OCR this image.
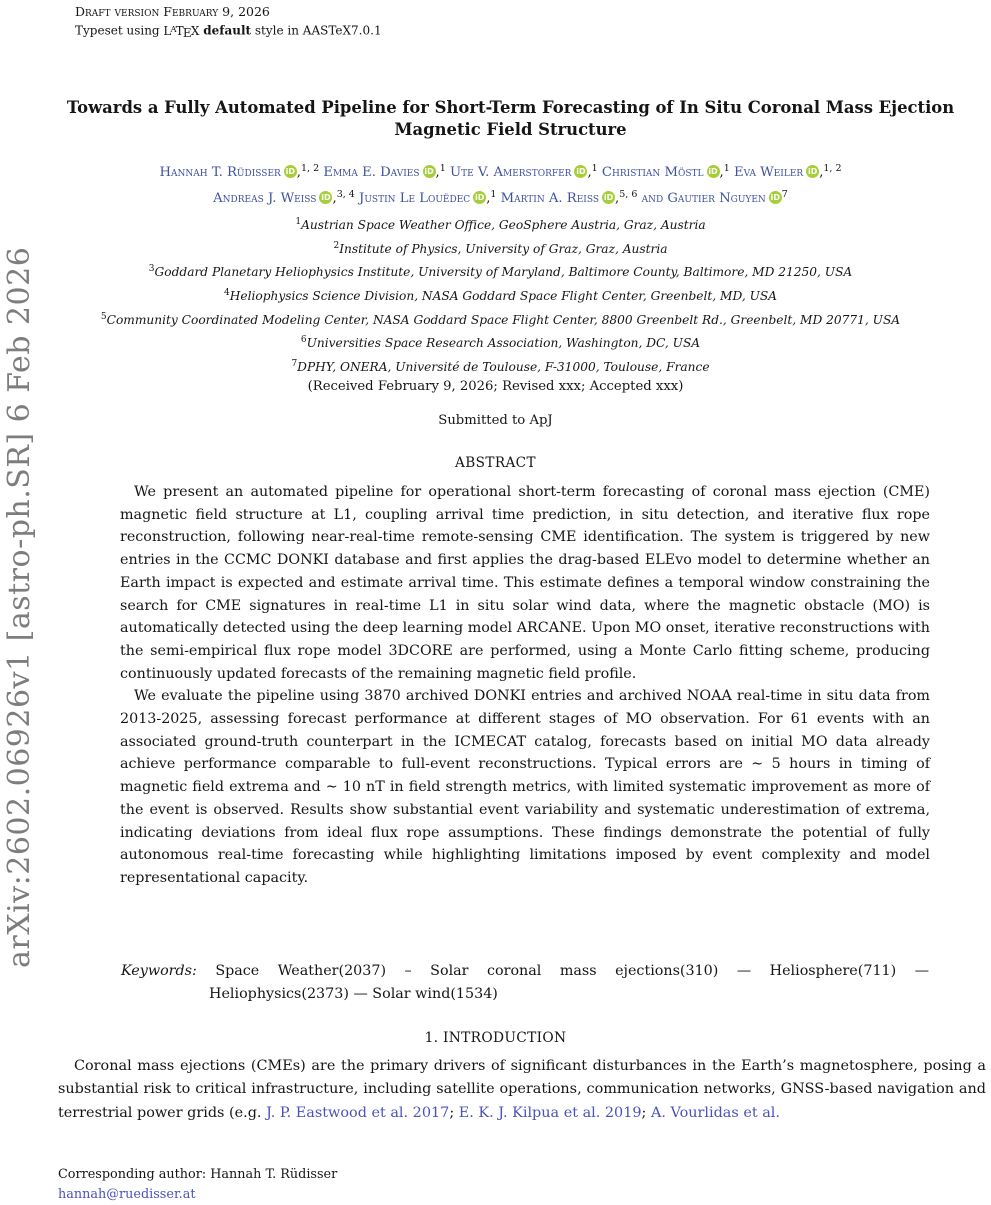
arXiv:2602.06926v1 [astro-ph.SR] 6 Feb 2026
Draft version February 9, 2026
Typeset using $L^ATEX$ default style in AASTeX7.0.1
Towards a Fully Automated Pipeline for Short-Term Forecasting of In Situ Coronal Mass Ejection Magnetic Field Structure
Hannah T. Rüdisser iD ,$^{1, 2}$ Emma E. Davies iD ,$^1$ Ute V. Amerstorfer iD ,$^1$ Christian Möstl iD ,$^1$ Eva Weiler iD ,$^{1, 2}$
Andreas J. Weiss iD ,$^{3, 4}$ Justin Le Louëdec iD ,$^1$ Martin A. Reiss iD ,$^{5, 6}$ and Gautier Nguyen iD $^7$
$^1$Austrian Space Weather Office, GeoSphere Austria, Graz, Austria
$^2$Institute of Physics, University of Graz, Graz, Austria
$^3$Goddard Planetary Heliophysics Institute, University of Maryland, Baltimore County, Baltimore, MD 21250, USA
$^4$Heliophysics Science Division, NASA Goddard Space Flight Center, Greenbelt, MD, USA
$^5$Community Coordinated Modeling Center, NASA Goddard Space Flight Center, 8800 Greenbelt Rd., Greenbelt, MD 20771, USA
$^6$Universities Space Research Association, Washington, DC, USA
$^7$DPHY, ONERA, Université de Toulouse, F-31000, Toulouse, France
(Received February 9, 2026; Revised xxx; Accepted xxx)
Submitted to ApJ
ABSTRACT

We present an automated pipeline for operational short-term forecasting of coronal mass ejection (CME) magnetic field structure at L1, coupling arrival time prediction, in situ detection, and iterative flux rope reconstruction, following near-real-time remote-sensing CME identification. The system is triggered by new entries in the CCMC DONKI database and first applies the drag-based ELEvo model to determine whether an Earth impact is expected and estimate arrival time. This estimate defines a temporal window constraining the search for CME signatures in real-time L1 in situ solar wind data, where the magnetic obstacle (MO) is automatically detected using the deep learning model ARCANE. Upon MO onset, iterative reconstructions with the semi-empirical flux rope model 3DCORE are performed, using a Monte Carlo fitting scheme, producing continuously updated forecasts of the remaining magnetic field profile.

We evaluate the pipeline using 3870 archived DONKI entries and archived NOAA real-time in situ data from 2013-2025, assessing forecast performance at different stages of MO observation. For 61 events with an associated ground-truth counterpart in the ICMECAT catalog, forecasts based on initial MO data already achieve performance comparable to full-event reconstructions. Typical errors are ∼ 5 hours in timing of magnetic field extrema and ∼ 10 nT in field strength metrics, with limited systematic improvement as more of the event is observed. Results show substantial event variability and systematic underestimation of extrema, indicating deviations from ideal flux rope assumptions. These findings demonstrate the potential of fully autonomous real-time forecasting while highlighting limitations imposed by event complexity and model representational capacity.

Keywords: Space Weather(2037) – Solar coronal mass ejections(310) — Heliosphere(711) — Heliophysics(2373) — Solar wind(1534)
1. INTRODUCTION

Coronal mass ejections (CMEs) are the primary drivers of significant disturbances in the Earth’s magnetosphere, posing a substantial risk to critical infrastructure, including satellite operations, communication networks, GNSS-based navigation and terrestrial power grids (e.g. J. P. Eastwood et al. 2017; E. K. J. Kilpua et al. 2019; A. Vourlidas et al.

Corresponding author: Hannah T. Rüdisser
hannah@ruedisser.at
